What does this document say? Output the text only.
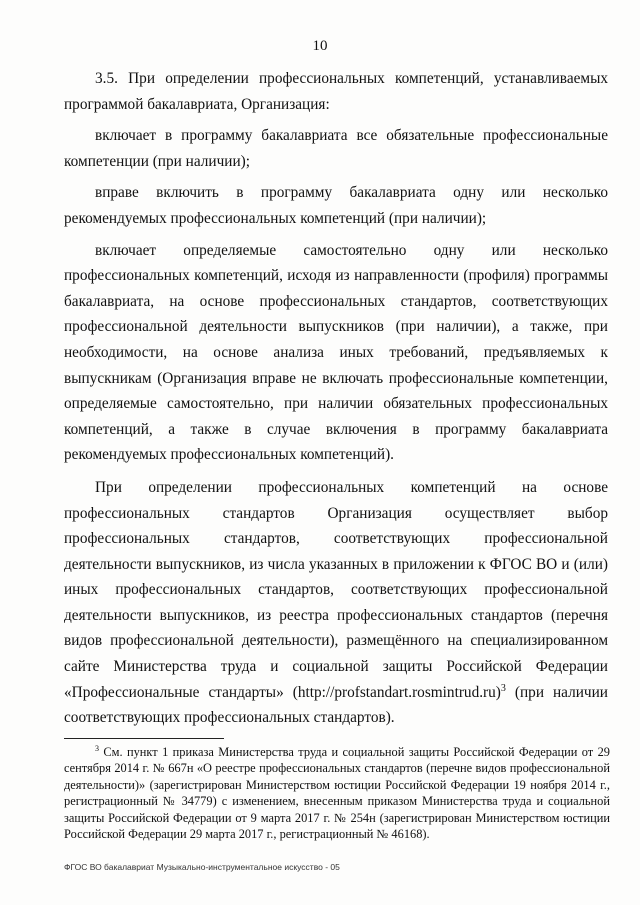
10

3.5. При определении профессиональных компетенций, устанавливаемых программой бакалавриата, Организация:

включает в программу бакалавриата все обязательные профессиональные компетенции (при наличии);

вправе включить в программу бакалавриата одну или несколько рекомендуемых профессиональных компетенций (при наличии);

включает определяемые самостоятельно одну или несколько профессиональных компетенций, исходя из направленности (профиля) программы бакалавриата, на основе профессиональных стандартов, соответствующих профессиональной деятельности выпускников (при наличии), а также, при необходимости, на основе анализа иных требований, предъявляемых к выпускникам (Организация вправе не включать профессиональные компетенции, определяемые самостоятельно, при наличии обязательных профессиональных компетенций, а также в случае включения в программу бакалавриата рекомендуемых профессиональных компетенций).

При определении профессиональных компетенций на основе профессиональных стандартов Организация осуществляет выбор профессиональных стандартов, соответствующих профессиональной деятельности выпускников, из числа указанных в приложении к ФГОС ВО и (или) иных профессиональных стандартов, соответствующих профессиональной деятельности выпускников, из реестра профессиональных стандартов (перечня видов профессиональной деятельности), размещённого на специализированном сайте Министерства труда и социальной защиты Российской Федерации «Профессиональные стандарты» (http://profstandart.rosmintrud.ru)$^3$ (при наличии соответствующих профессиональных стандартов).

$^3$ См. пункт 1 приказа Министерства труда и социальной защиты Российской Федерации от 29 сентября 2014 г. № 667н «О реестре профессиональных стандартов (перечне видов профессиональной деятельности)» (зарегистрирован Министерством юстиции Российской Федерации 19 ноября 2014 г., регистрационный № 34779) с изменением, внесенным приказом Министерства труда и социальной защиты Российской Федерации от 9 марта 2017 г. № 254н (зарегистрирован Министерством юстиции Российской Федерации 29 марта 2017 г., регистрационный № 46168).

ФГОС ВО бакалавриат Музыкально-инструментальное искусство - 05
